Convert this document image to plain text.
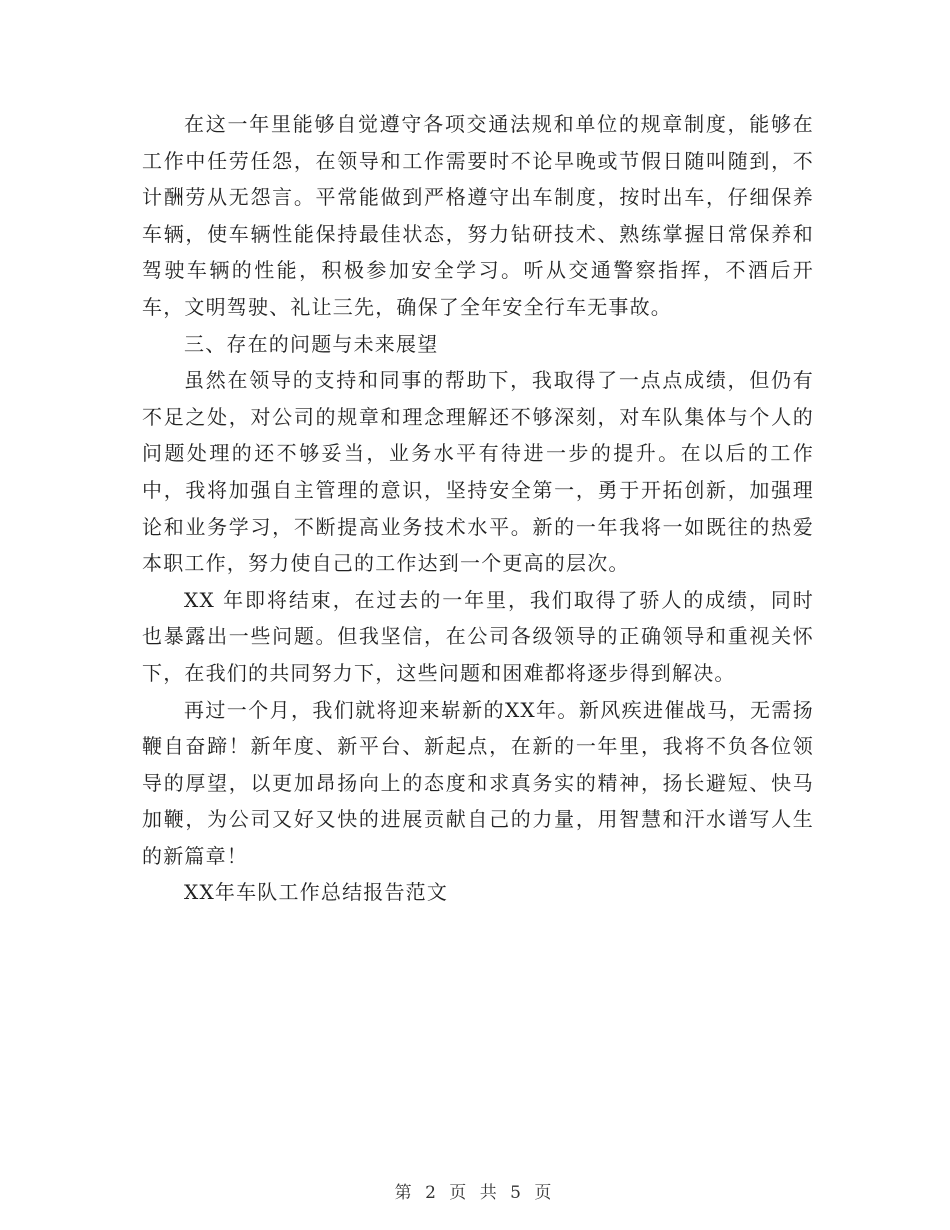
在这一年里能够自觉遵守各项交通法规和单位的规章制度，能够在工作中任劳任怨，在领导和工作需要时不论早晚或节假日随叫随到，不计酬劳从无怨言。平常能做到严格遵守出车制度，按时出车，仔细保养车辆，使车辆性能保持最佳状态，努力钻研技术、熟练掌握日常保养和驾驶车辆的性能，积极参加安全学习。听从交通警察指挥，不酒后开车，文明驾驶、礼让三先，确保了全年安全行车无事故。

三、存在的问题与未来展望

虽然在领导的支持和同事的帮助下，我取得了一点点成绩，但仍有不足之处，对公司的规章和理念理解还不够深刻，对车队集体与个人的问题处理的还不够妥当，业务水平有待进一步的提升。在以后的工作中，我将加强自主管理的意识，坚持安全第一，勇于开拓创新，加强理论和业务学习，不断提高业务技术水平。新的一年我将一如既往的热爱本职工作，努力使自己的工作达到一个更高的层次。

XX 年即将结束，在过去的一年里，我们取得了骄人的成绩，同时也暴露出一些问题。但我坚信，在公司各级领导的正确领导和重视关怀下，在我们的共同努力下，这些问题和困难都将逐步得到解决。

再过一个月，我们就将迎来崭新的XX年。新风疾进催战马，无需扬鞭自奋蹄！新年度、新平台、新起点，在新的一年里，我将不负各位领导的厚望，以更加昂扬向上的态度和求真务实的精神，扬长避短、快马加鞭，为公司又好又快的进展贡献自己的力量，用智慧和汗水谱写人生的新篇章！

XX年车队工作总结报告范文

第 2 页 共 5 页
